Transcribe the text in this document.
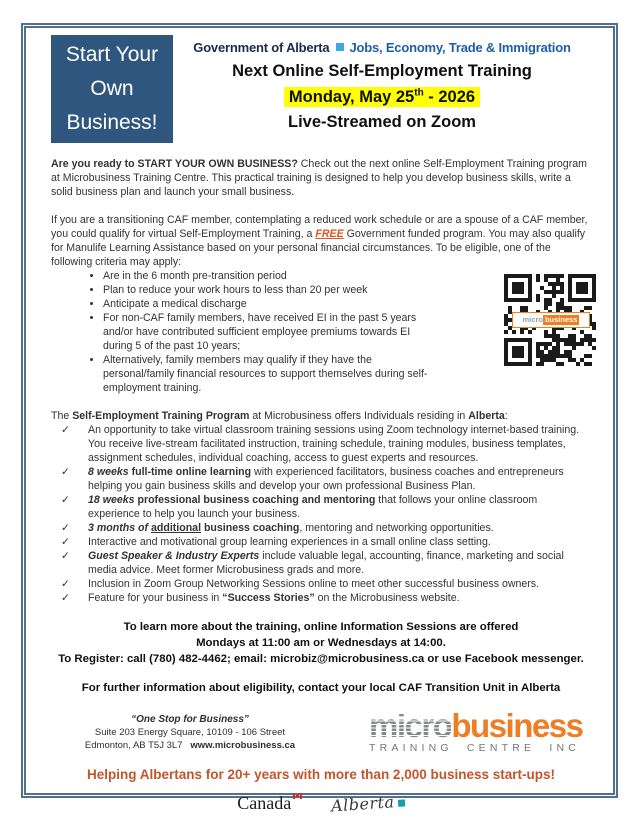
Start Your
Own
Business!
Government of Alberta Jobs, Economy, Trade & Immigration
Next Online Self-Employment Training
Monday, May 25th - 2026
Live-Streamed on Zoom
Are you ready to START YOUR OWN BUSINESS? Check out the next online Self-Employment Training program at Microbusiness Training Centre. This practical training is designed to help you develop business skills, write a solid business plan and launch your small business.
If you are a transitioning CAF member, contemplating a reduced work schedule or are a spouse of a CAF member, you could qualify for virtual Self-Employment Training, a FREE Government funded program. You may also qualify for Manulife Learning Assistance based on your personal financial circumstances. To be eligible, one of the following criteria may apply:
• Are in the 6 month pre-transition period
• Plan to reduce your work hours to less than 20 per week
• Anticipate a medical discharge
• For non-CAF family members, have received EI in the past 5 years and/or have contributed sufficient employee premiums towards EI during 5 of the past 10 years;
• Alternatively, family members may qualify if they have the personal/family financial resources to support themselves during self-employment training.
The Self-Employment Training Program at Microbusiness offers Individuals residing in Alberta:
✓ An opportunity to take virtual classroom training sessions using Zoom technology internet-based training. You receive live-stream facilitated instruction, training schedule, training modules, business templates, assignment schedules, individual coaching, access to guest experts and resources.
✓ 8 weeks full-time online learning with experienced facilitators, business coaches and entrepreneurs helping you gain business skills and develop your own professional Business Plan.
✓ 18 weeks professional business coaching and mentoring that follows your online classroom experience to help you launch your business.
✓ 3 months of additional business coaching, mentoring and networking opportunities.
✓ Interactive and motivational group learning experiences in a small online class setting.
✓ Guest Speaker & Industry Experts include valuable legal, accounting, finance, marketing and social media advice. Meet former Microbusiness grads and more.
✓ Inclusion in Zoom Group Networking Sessions online to meet other successful business owners.
✓ Feature for your business in “Success Stories” on the Microbusiness website.
To learn more about the training, online Information Sessions are offered
Mondays at 11:00 am or Wednesdays at 14:00.
To Register: call (780) 482-4462; email: microbiz@microbusiness.ca or use Facebook messenger.
For further information about eligibility, contact your local CAF Transition Unit in Alberta
“One Stop for Business”
Suite 203 Energy Square, 10109 - 106 Street
Edmonton, AB T5J 3L7 www.microbusiness.ca
microbusiness
TRAINING CENTRE INC
Helping Albertans for 20+ years with more than 2,000 business start-ups!
Canada	Alberta
micro business
